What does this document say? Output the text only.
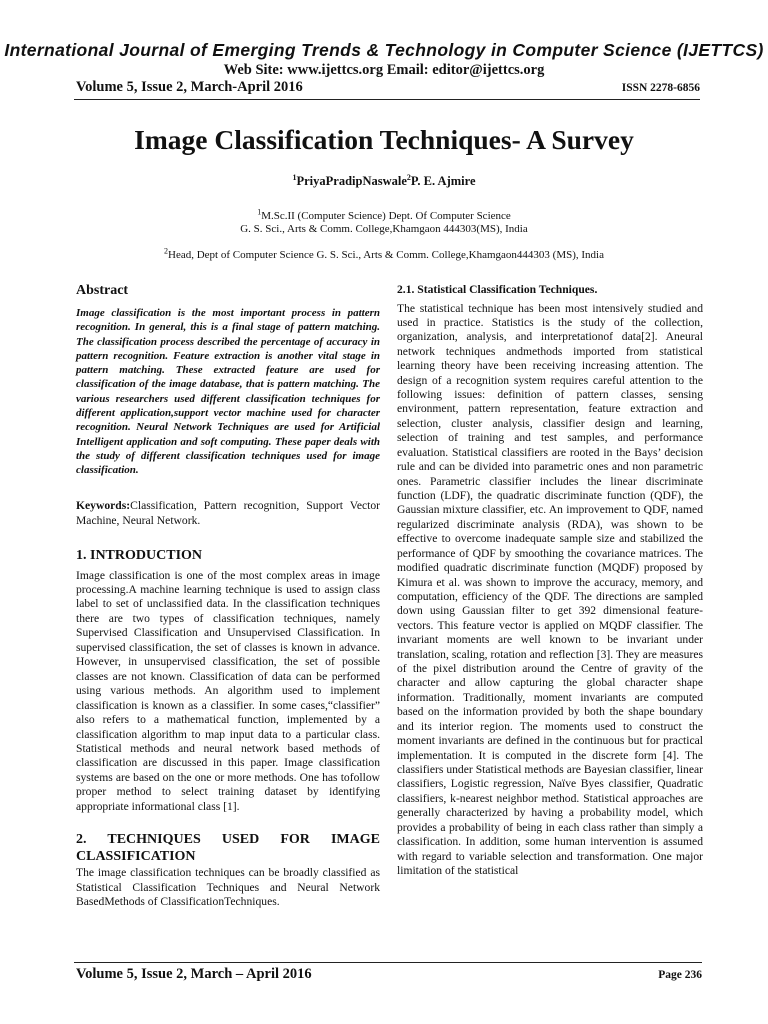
International Journal of Emerging Trends & Technology in Computer Science (IJETTCS)
Web Site: www.ijettcs.org Email: editor@ijettcs.org
Volume 5, Issue 2, March-April 2016	ISSN 2278-6856
Image Classification Techniques- A Survey
$^1$PriyaPradipNaswale$^2$P. E. Ajmire
$^1$M.Sc.II (Computer Science) Dept. Of Computer Science
G. S. Sci., Arts & Comm. College,Khamgaon 444303(MS), India
$^2$Head, Dept of Computer Science G. S. Sci., Arts & Comm. College,Khamgaon444303 (MS), India
Abstract

Image classification is the most important process in pattern recognition. In general, this is a final stage of pattern matching. The classification process described the percentage of accuracy in pattern recognition. Feature extraction is another vital stage in pattern matching. These extracted feature are used for classification of the image database, that is pattern matching. The various researchers used different classification techniques for different application,support vector machine used for character recognition. Neural Network Techniques are used for Artificial Intelligent application and soft computing. These paper deals with the study of different classification techniques used for image classification.

Keywords:Classification, Pattern recognition, Support Vector Machine, Neural Network.

1. INTRODUCTION

Image classification is one of the most complex areas in image processing.A machine learning technique is used to assign class label to set of unclassified data. In the classification techniques there are two types of classification techniques, namely Supervised Classification and Unsupervised Classification. In supervised classification, the set of classes is known in advance. However, in unsupervised classification, the set of possible classes are not known. Classification of data can be performed using various methods. An algorithm used to implement classification is known as a classifier. In some cases,“classifier” also refers to a mathematical function, implemented by a classification algorithm to map input data to a particular class. Statistical methods and neural network based methods of classification are discussed in this paper. Image classification systems are based on the one or more methods. One has tofollow proper method to select training dataset by identifying appropriate informational class [1].

2. TECHNIQUES USED FOR IMAGE CLASSIFICATION

The image classification techniques can be broadly classified as Statistical Classification Techniques and Neural Network BasedMethods of ClassificationTechniques.

2.1. Statistical Classification Techniques.

The statistical technique has been most intensively studied and used in practice. Statistics is the study of the collection, organization, analysis, and interpretationof data[2]. Aneural network techniques andmethods imported from statistical learning theory have been receiving increasing attention. The design of a recognition system requires careful attention to the following issues: definition of pattern classes, sensing environment, pattern representation, feature extraction and selection, cluster analysis, classifier design and learning, selection of training and test samples, and performance evaluation. Statistical classifiers are rooted in the Bays’ decision rule and can be divided into parametric ones and non parametric ones. Parametric classifier includes the linear discriminate function (LDF), the quadratic discriminate function (QDF), the Gaussian mixture classifier, etc. An improvement to QDF, named regularized discriminate analysis (RDA), was shown to be effective to overcome inadequate sample size and stabilized the performance of QDF by smoothing the covariance matrices. The modified quadratic discriminate function (MQDF) proposed by Kimura et al. was shown to improve the accuracy, memory, and computation, efficiency of the QDF. The directions are sampled down using Gaussian filter to get 392 dimensional feature-vectors. This feature vector is applied on MQDF classifier. The invariant moments are well known to be invariant under translation, scaling, rotation and reflection [3]. They are measures of the pixel distribution around the Centre of gravity of the character and allow capturing the global character shape information. Traditionally, moment invariants are computed based on the information provided by both the shape boundary and its interior region. The moments used to construct the moment invariants are defined in the continuous but for practical implementation. It is computed in the discrete form [4]. The classifiers under Statistical methods are Bayesian classifier, linear classifiers, Logistic regression, Naïve Byes classifier, Quadratic classifiers, k-nearest neighbor method. Statistical approaches are generally characterized by having a probability model, which provides a probability of being in each class rather than simply a classification. In addition, some human intervention is assumed with regard to variable selection and transformation. One major limitation of the statistical

Volume 5, Issue 2, March – April 2016	Page 236
